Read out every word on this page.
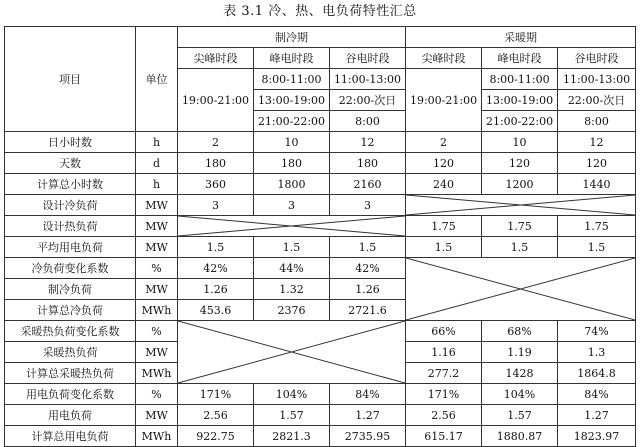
表 3.1 冷、热、电负荷特性汇总
项目	单位	制冷期			采暖期		
		尖峰时段	峰电时段	谷电时段	尖峰时段	峰电时段	谷电时段
		19:00-21:00	8:00-11:00	11:00-13:00	19:00-21:00	8:00-11:00	11:00-13:00
			13:00-19:00	22:00-次日		13:00-19:00	22:00-次日
			21:00-22:00	8:00		21:00-22:00	8:00
日小时数	h	2	10	12	2	10	12
天数	d	180	180	180	120	120	120
计算总小时数	h	360	1800	2160	240	1200	1440
设计冷负荷	MW	3	3	3	

设计热负荷	MW				1.75	1.75	1.75
平均用电负荷	MW	1.5	1.5	1.5	1.5	1.5	1.5
冷负荷变化系数	%	42%	44%	42%	

制冷负荷	MW	1.26	1.32	1.26			
计算总冷负荷	MWh	453.6	2376	2721.6			
采暖热负荷变化系数	%				66%	68%	74%
采暖热负荷	MW				1.16	1.19	1.3
计算总采暖热负荷	MWh				277.2	1428	1864.8
用电负荷变化系数	%	171%	104%	84%	171%	104%	84%
用电负荷	MW	2.56	1.57	1.27	2.56	1.57	1.27
计算总用电负荷	MWh	922.75	2821.3	2735.95	615.17	1880.87	1823.97
